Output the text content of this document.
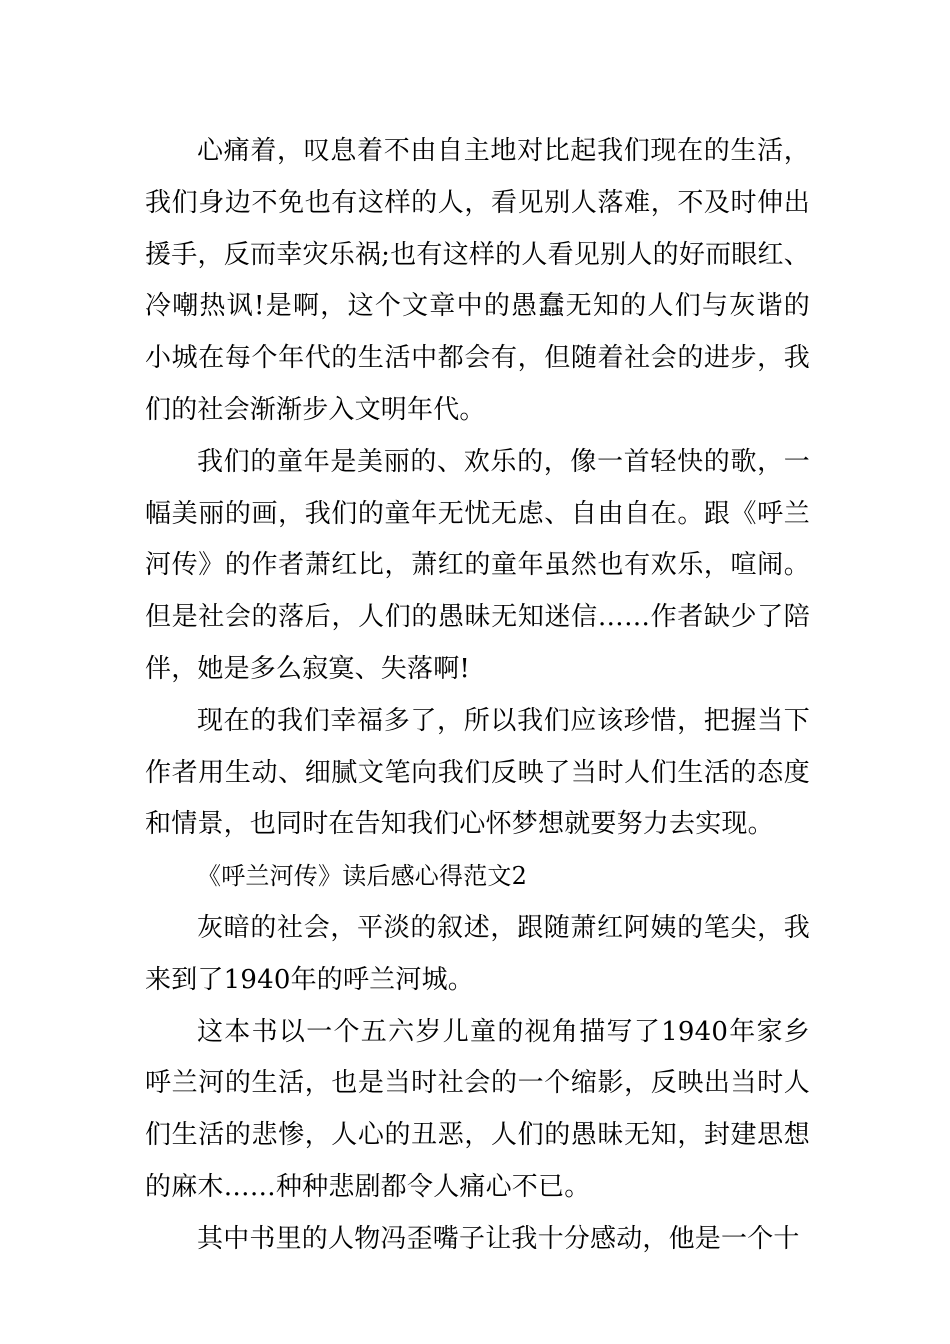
心痛着，叹息着不由自主地对比起我们现在的生活，我们身边不免也有这样的人，看见别人落难，不及时伸出援手，反而幸灾乐祸;也有这样的人看见别人的好而眼红、冷嘲热讽!是啊，这个文章中的愚蠢无知的人们与灰谐的小城在每个年代的生活中都会有，但随着社会的进步，我们的社会渐渐步入文明年代。

我们的童年是美丽的、欢乐的，像一首轻快的歌，一幅美丽的画，我们的童年无忧无虑、自由自在。跟《呼兰河传》的作者萧红比，萧红的童年虽然也有欢乐，喧闹。但是社会的落后，人们的愚昧无知迷信……作者缺少了陪伴，她是多么寂寞、失落啊!

现在的我们幸福多了，所以我们应该珍惜，把握当下作者用生动、细腻文笔向我们反映了当时人们生活的态度和情景，也同时在告知我们心怀梦想就要努力去实现。

《呼兰河传》读后感心得范文2

灰暗的社会，平淡的叙述，跟随萧红阿姨的笔尖，我来到了1940年的呼兰河城。

这本书以一个五六岁儿童的视角描写了1940年家乡呼兰河的生活，也是当时社会的一个缩影，反映出当时人们生活的悲惨，人心的丑恶，人们的愚昧无知，封建思想的麻木……种种悲剧都令人痛心不已。

其中书里的人物冯歪嘴子让我十分感动，他是一个十
